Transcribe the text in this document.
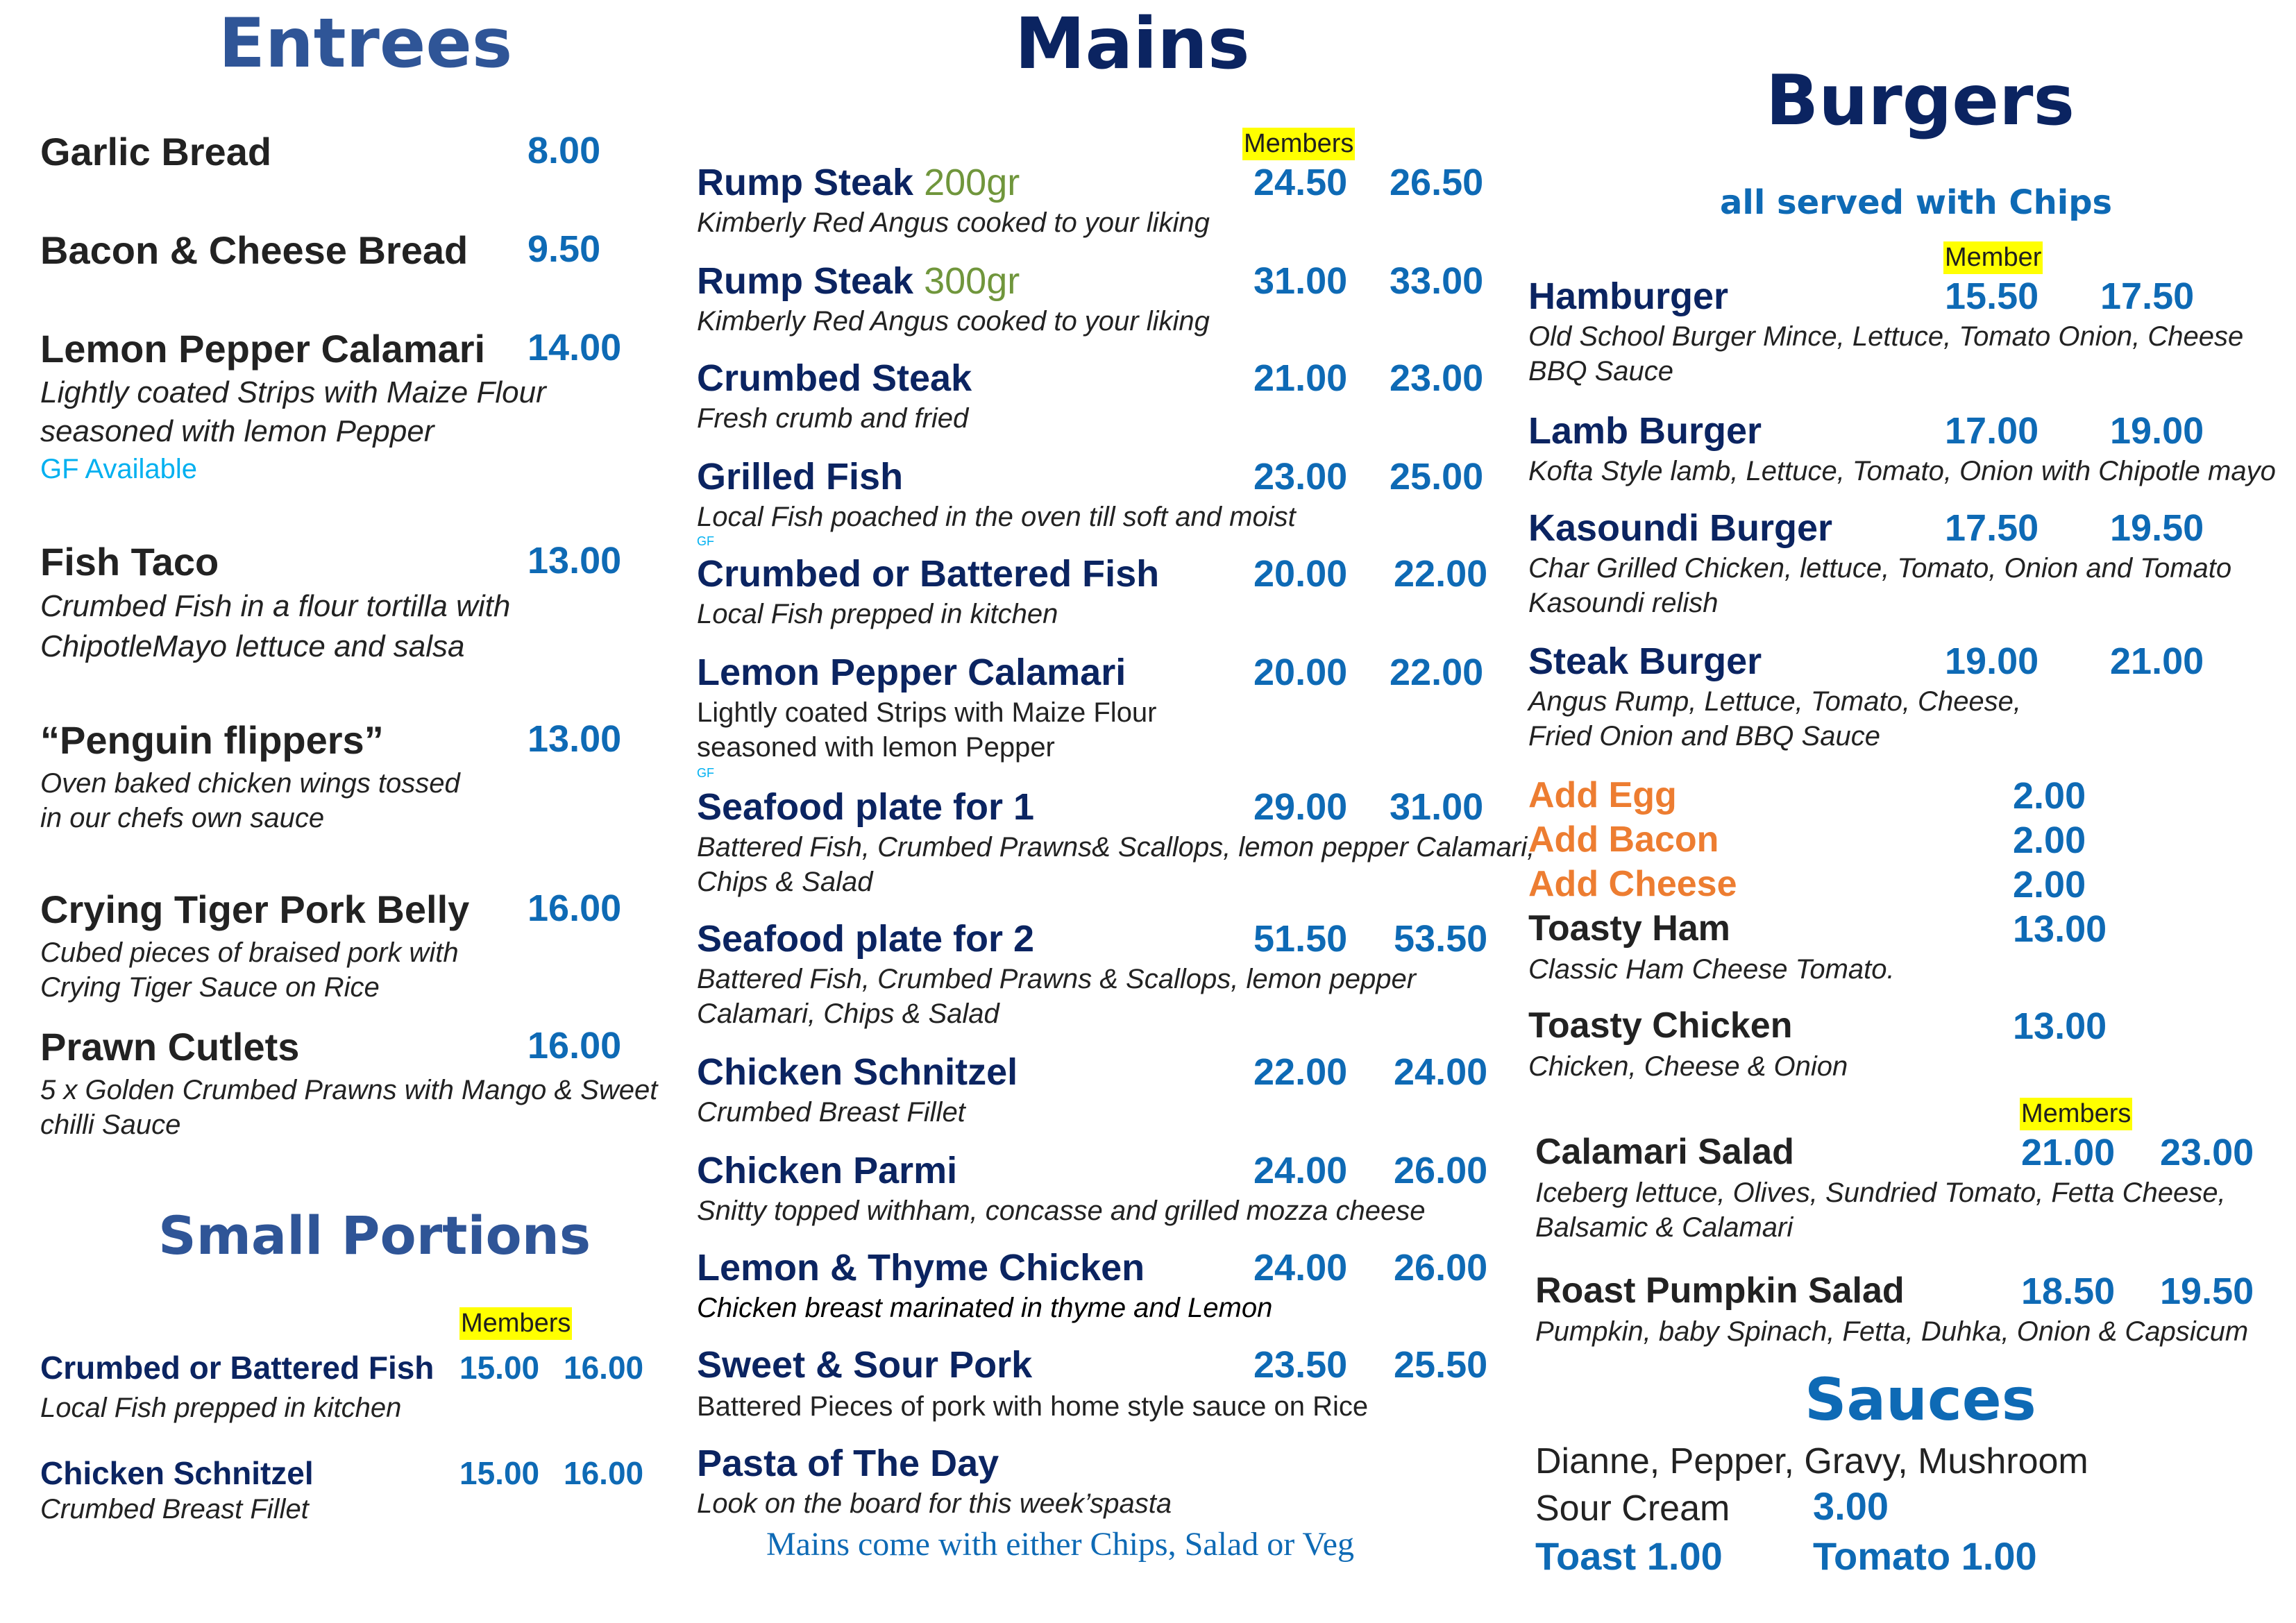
Entrees
Garlic Bread	8.00
Bacon & Cheese Bread 9.50
Lemon Pepper Calamari 14.00
Lightly coated Strips with Maize Flour
seasoned with lemon Pepper
GF Available
Fish Taco	13.00
Crumbed Fish in a flour tortilla with
ChipotleMayo lettuce and salsa
“Penguin flippers”	13.00
Oven baked chicken wings tossed
in our chefs own sauce
Crying Tiger Pork Belly 16.00
Cubed pieces of braised pork with
Crying Tiger Sauce on Rice
Prawn Cutlets	16.00
5 x Golden Crumbed Prawns with Mango & Sweet
chilli Sauce
Small Portions
Members
Crumbed or Battered Fish 15.00 16.00
Local Fish prepped in kitchen
Chicken Schnitzel	15.00 16.00
Crumbed Breast Fillet
Mains
Members
Rump Steak 200gr	24.50 26.50
Kimberly Red Angus cooked to your liking
Rump Steak 300gr	31.00 33.00
Kimberly Red Angus cooked to your liking
Crumbed Steak	21.00 23.00
Fresh crumb and fried
Grilled Fish	23.00 25.00
Local Fish poached in the oven till soft and moist
GF
Crumbed or Battered Fish	20.00 22.00
Local Fish prepped in kitchen
Lemon Pepper Calamari	20.00 22.00
Lightly coated Strips with Maize Flour
seasoned with lemon Pepper
GF
Seafood plate for 1	29.00 31.00
Battered Fish, Crumbed Prawns& Scallops, lemon pepper Calamari,
Chips & Salad
Seafood plate for 2	51.50 53.50
Battered Fish, Crumbed Prawns & Scallops, lemon pepper
Calamari, Chips & Salad
Chicken Schnitzel	22.00 24.00
Crumbed Breast Fillet
Chicken Parmi	24.00 26.00
Snitty topped withham, concasse and grilled mozza cheese
Lemon & Thyme Chicken	24.00 26.00
Chicken breast marinated in thyme and Lemon
Sweet & Sour Pork	23.50 25.50
Battered Pieces of pork with home style sauce on Rice
Pasta of The Day
Look on the board for this week’spasta
Mains come with either Chips, Salad or Veg
Burgers
all served with Chips
Member
Hamburger	15.50 17.50
Old School Burger Mince, Lettuce, Tomato Onion, Cheese
BBQ Sauce
Lamb Burger	17.00 19.00
Kofta Style lamb, Lettuce, Tomato, Onion with Chipotle mayo
Kasoundi Burger	17.50 19.50
Char Grilled Chicken, lettuce, Tomato, Onion and Tomato
Kasoundi relish
Steak Burger	19.00 21.00
Angus Rump, Lettuce, Tomato, Cheese,
Fried Onion and BBQ Sauce
Add Egg	2.00
Add Bacon	2.00
Add Cheese	2.00
Toasty Ham	13.00
Classic Ham Cheese Tomato.
Toasty Chicken	13.00
Chicken, Cheese & Onion
Members
Calamari Salad	21.00 23.00
Iceberg lettuce, Olives, Sundried Tomato, Fetta Cheese,
Balsamic & Calamari
Roast Pumpkin Salad	18.50 19.50
Pumpkin, baby Spinach, Fetta, Duhka, Onion & Capsicum
Sauces
Dianne, Pepper, Gravy, Mushroom
Sour Cream 3.00
Toast 1.00 Tomato 1.00
